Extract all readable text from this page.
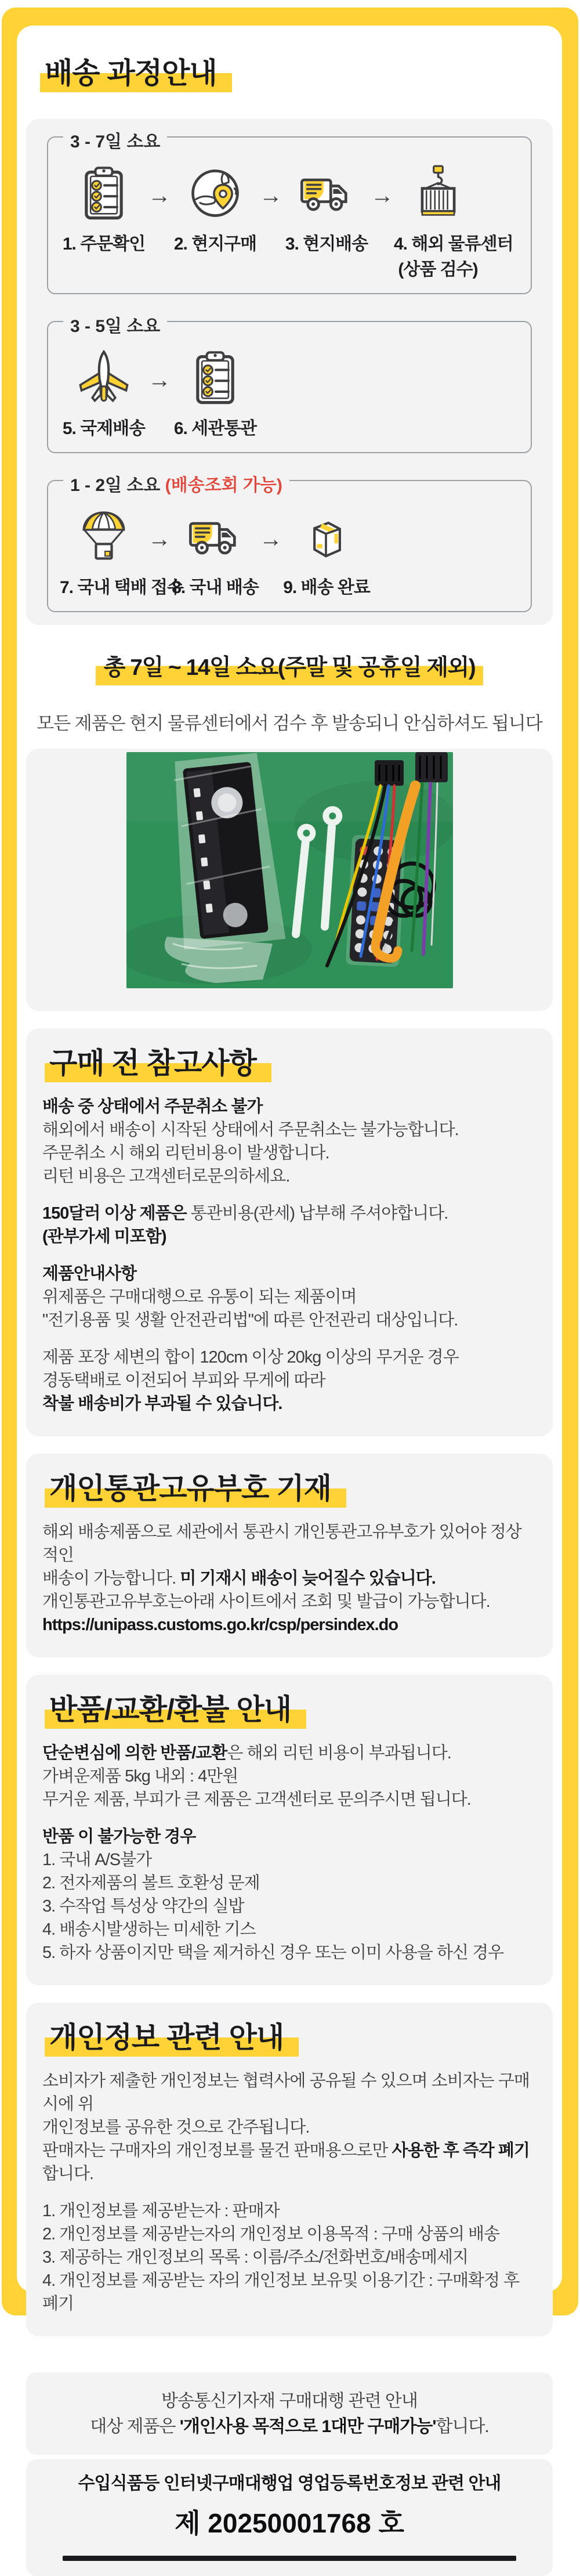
배송 과정안내
3 - 7일 소요
1. 주문확인
→
2. 현지구매
→
3. 현지배송
→
4. 해외 물류센터
(상품 검수)
3 - 5일 소요
5. 국제배송
→
6. 세관통관
1 - 2일 소요 (배송조회 가능)
7. 국내 택배 접수
→
8. 국내 배송
→
9. 배송 완료
총 7일 ~ 14일 소요(주말 및 공휴일 제외)
모든 제품은 현지 물류센터에서 검수 후 발송되니 안심하셔도 됩니다
구매 전 참고사항
배송 중 상태에서 주문취소 불가
해외에서 배송이 시작된 상태에서 주문취소는 불가능합니다.
주문취소 시 해외 리턴비용이 발생합니다.
리턴 비용은 고객센터로문의하세요.
150달러 이상 제품은 통관비용(관세) 납부해 주셔야합니다.
(관부가세 미포함)
제품안내사항
위제품은 구매대행으로 유통이 되는 제품이며
"전기용품 및 생활 안전관리법"에 따른 안전관리 대상입니다.
제품 포장 세변의 합이 120cm 이상 20kg 이상의 무거운 경우
경동택배로 이전되어 부피와 무게에 따라
착불 배송비가 부과될 수 있습니다.
개인통관고유부호 기재
해외 배송제품으로 세관에서 통관시 개인통관고유부호가 있어야 정상적인
배송이 가능합니다. 미 기재시 배송이 늦어질수 있습니다.
개인통관고유부호는아래 사이트에서 조회 및 발급이 가능합니다.
https://unipass.customs.go.kr/csp/persindex.do
반품/교환/환불 안내
단순변심에 의한 반품/교환은 해외 리턴 비용이 부과됩니다.
가벼운제품 5kg 내외 : 4만원
무거운 제품, 부피가 큰 제품은 고객센터로 문의주시면 됩니다.
반품 이 불가능한 경우
1. 국내 A/S불가
2. 전자제품의 볼트 호환성 문제
3. 수작업 특성상 약간의 실밥
4. 배송시발생하는 미세한 기스
5. 하자 상품이지만 택을 제거하신 경우 또는 이미 사용을 하신 경우
개인정보 관련 안내
소비자가 제출한 개인정보는 협력사에 공유될 수 있으며 소비자는 구매 시에 위
개인정보를 공유한 것으로 간주됩니다.
판매자는 구매자의 개인정보를 물건 판매용으로만 사용한 후 즉각 폐기합니다.
1. 개인정보를 제공받는자 : 판매자
2. 개인정보를 제공받는자의 개인정보 이용목적 : 구매 상품의 배송
3. 제공하는 개인정보의 목록 : 이름/주소/전화번호/배송메세지
4. 개인정보를 제공받는 자의 개인정보 보유및 이용기간 : 구매확정 후 폐기
방송통신기자재 구매대행 관련 안내
대상 제품은 '개인사용 목적으로 1대만 구매가능'합니다.
수입식품등 인터넷구매대행업 영업등록번호정보 관련 안내
제 20250001768 호
